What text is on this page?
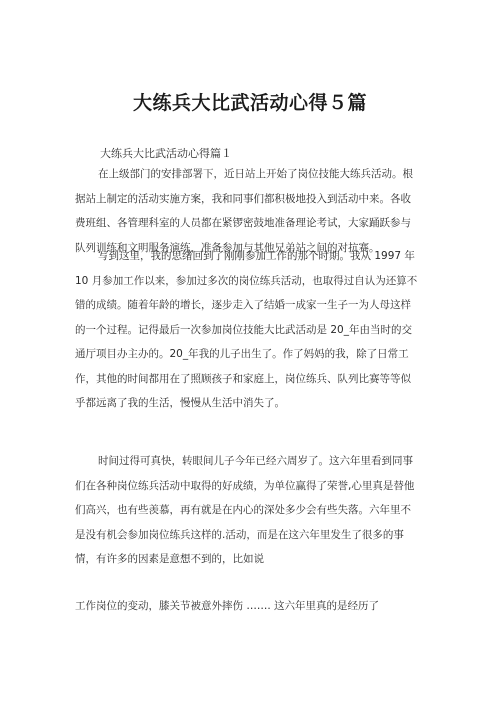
大练兵大比武活动心得５篇
大练兵大比武活动心得篇１
在上级部门的安排部署下，近日站上开始了岗位技能大练兵活动。根
据站上制定的活动实施方案，我和同事们都积极地投入到活动中来。各收
费班组、各管理科室的人员都在紧锣密鼓地准备理论考试，大家踊跃参与
队列训练和文明服务演练，准备参加与其他兄弟站之间的对抗赛。
写到这里，我的思绪回到了刚刚参加工作的那个时期。我从 1997 年
10 月参加工作以来，参加过多次的岗位练兵活动，也取得过自认为还算不
错的成绩。随着年龄的增长，逐步走入了结婚一成家一生子一为人母这样
的一个过程。记得最后一次参加岗位技能大比武活动是 20_年由当时的交
通厅项目办主办的。20_年我的儿子出生了。作了妈妈的我，除了日常工
作，其他的时间都用在了照顾孩子和家庭上，岗位练兵、队列比赛等等似
乎都远离了我的生活，慢慢从生活中消失了。
时间过得可真快，转眼间儿子今年已经六周岁了。这六年里看到同事
们在各种岗位练兵活动中取得的好成绩，为单位赢得了荣誉,心里真是替他
们高兴，也有些羡慕，再有就是在内心的深处多少会有些失落。六年里不
是没有机会参加岗位练兵这样的.活动，而是在这六年里发生了很多的事
情，有许多的因素是意想不到的，比如说
工作岗位的变动，膝关节被意外摔伤 ……. 这六年里真的是经历了
